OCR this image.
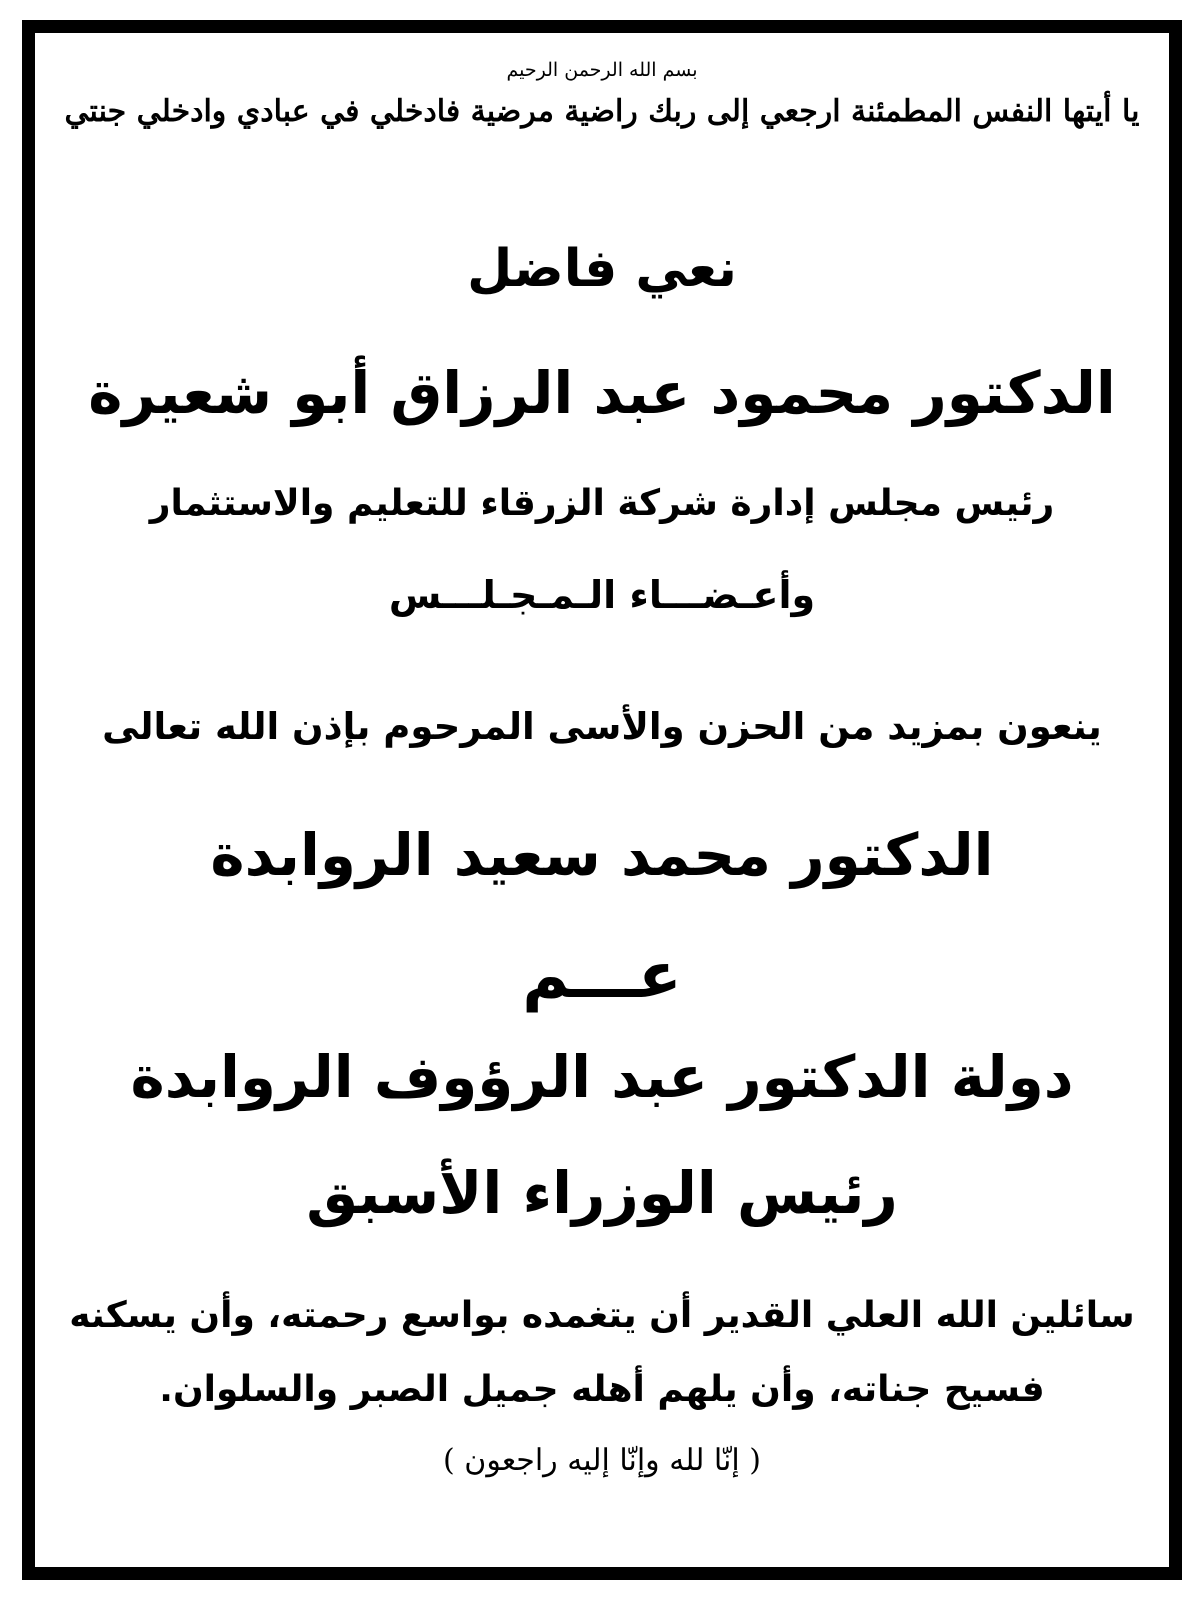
بسم الله الرحمن الرحيم
يا أيتها النفس المطمئنة ارجعي إلى ربك راضية مرضية فادخلي في عبادي وادخلي جنتي
نعي فاضل
الدكتور محمود عبد الرزاق أبو شعيرة
رئيس مجلس إدارة شركة الزرقاء للتعليم والاستثمار
وأعـضـــاء الـمـجـلـــس
ينعون بمزيد من الحزن والأسى المرحوم بإذن الله تعالى
الدكتور محمد سعيد الروابدة
عـــم
دولة الدكتور عبد الرؤوف الروابدة
رئيس الوزراء الأسبق
سائلين الله العلي القدير أن يتغمده بواسع رحمته، وأن يسكنه
فسيح جناته، وأن يلهم أهله جميل الصبر والسلوان.
( إنّا لله وإنّا إليه راجعون )
